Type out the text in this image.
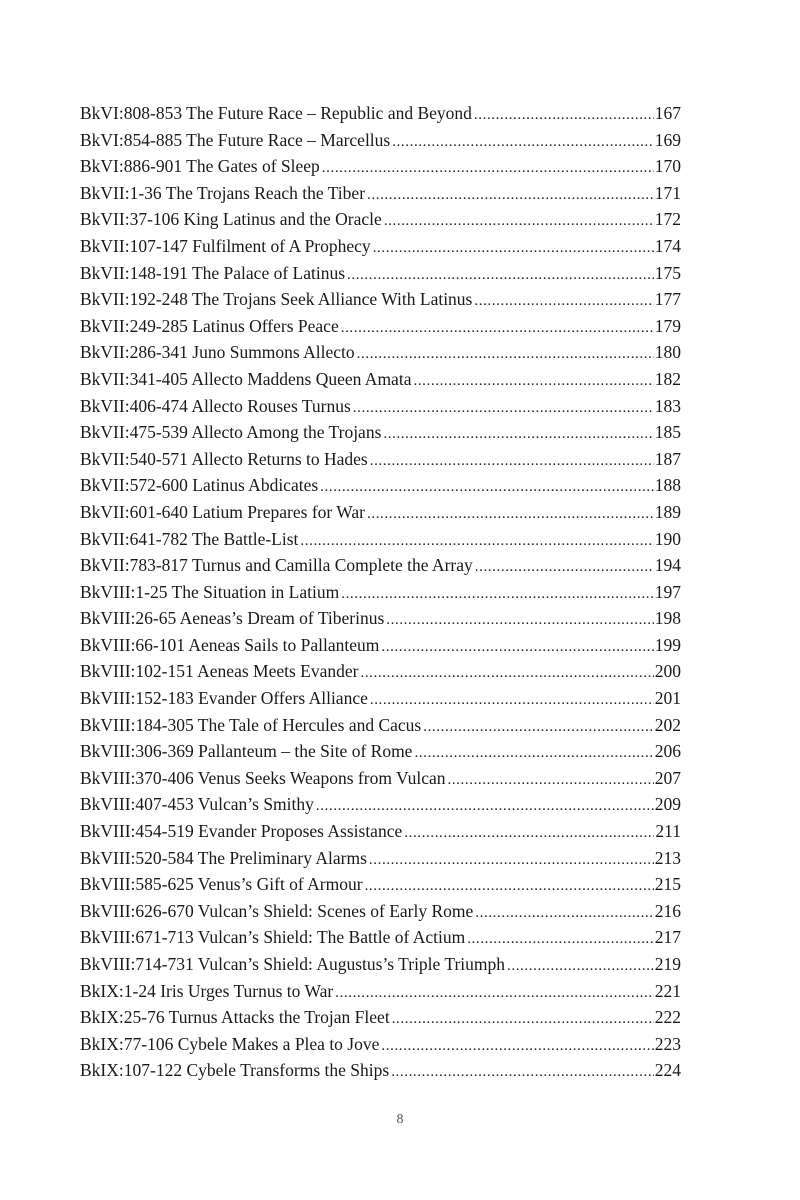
BkVI:808-853 The Future Race – Republic and Beyond .....	167
BkVI:854-885 The Future Race – Marcellus .....	169
BkVI:886-901 The Gates of Sleep .....	170
BkVII:1-36 The Trojans Reach the Tiber .....	171
BkVII:37-106 King Latinus and the Oracle .....	172
BkVII:107-147 Fulfilment of A Prophecy .....	174
BkVII:148-191 The Palace of Latinus .....	175
BkVII:192-248 The Trojans Seek Alliance With Latinus .....	177
BkVII:249-285 Latinus Offers Peace .....	179
BkVII:286-341 Juno Summons Allecto .....	180
BkVII:341-405 Allecto Maddens Queen Amata .....	182
BkVII:406-474 Allecto Rouses Turnus .....	183
BkVII:475-539 Allecto Among the Trojans .....	185
BkVII:540-571 Allecto Returns to Hades .....	187
BkVII:572-600 Latinus Abdicates .....	188
BkVII:601-640 Latium Prepares for War .....	189
BkVII:641-782 The Battle-List .....	190
BkVII:783-817 Turnus and Camilla Complete the Array .....	194
BkVIII:1-25 The Situation in Latium .....	197
BkVIII:26-65 Aeneas’s Dream of Tiberinus .....	198
BkVIII:66-101 Aeneas Sails to Pallanteum .....	199
BkVIII:102-151 Aeneas Meets Evander .....	200
BkVIII:152-183 Evander Offers Alliance .....	201
BkVIII:184-305 The Tale of Hercules and Cacus .....	202
BkVIII:306-369 Pallanteum – the Site of Rome .....	206
BkVIII:370-406 Venus Seeks Weapons from Vulcan .....	207
BkVIII:407-453 Vulcan’s Smithy .....	209
BkVIII:454-519 Evander Proposes Assistance .....	211
BkVIII:520-584 The Preliminary Alarms .....	213
BkVIII:585-625 Venus’s Gift of Armour .....	215
BkVIII:626-670 Vulcan’s Shield: Scenes of Early Rome .....	216
BkVIII:671-713 Vulcan’s Shield: The Battle of Actium .....	217
BkVIII:714-731 Vulcan’s Shield: Augustus’s Triple Triumph .....	219
BkIX:1-24 Iris Urges Turnus to War .....	221
BkIX:25-76 Turnus Attacks the Trojan Fleet .....	222
BkIX:77-106 Cybele Makes a Plea to Jove .....	223
BkIX:107-122 Cybele Transforms the Ships .....	224
8
